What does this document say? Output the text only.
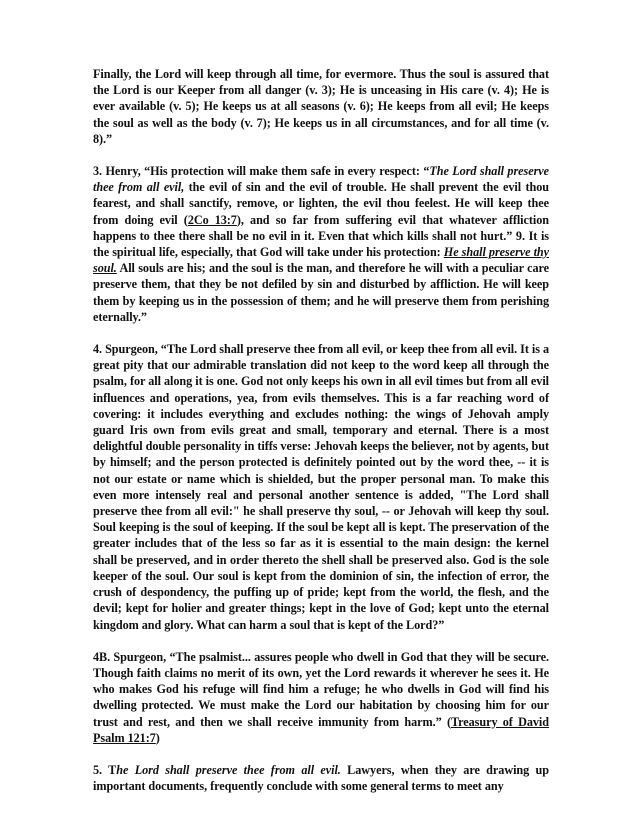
Finally, the Lord will keep through all time, for evermore. Thus the soul is assured that the Lord is our Keeper from all danger (v. 3); He is unceasing in His care (v. 4); He is ever available (v. 5); He keeps us at all seasons (v. 6); He keeps from all evil; He keeps the soul as well as the body (v. 7); He keeps us in all circumstances, and for all time (v. 8).”

3. Henry, “His protection will make them safe in every respect: “The Lord shall preserve thee from all evil, the evil of sin and the evil of trouble. He shall prevent the evil thou fearest, and shall sanctify, remove, or lighten, the evil thou feelest. He will keep thee from doing evil (2Co_13:7), and so far from suffering evil that whatever affliction happens to thee there shall be no evil in it. Even that which kills shall not hurt.” 9. It is the spiritual life, especially, that God will take under his protection: He shall preserve thy soul. All souls are his; and the soul is the man, and therefore he will with a peculiar care preserve them, that they be not defiled by sin and disturbed by affliction. He will keep them by keeping us in the possession of them; and he will preserve them from perishing eternally.”

4. Spurgeon, “The Lord shall preserve thee from all evil, or keep thee from all evil. It is a great pity that our admirable translation did not keep to the word keep all through the psalm, for all along it is one. God not only keeps his own in all evil times but from all evil influences and operations, yea, from evils themselves. This is a far reaching word of covering: it includes everything and excludes nothing: the wings of Jehovah amply guard Iris own from evils great and small, temporary and eternal. There is a most delightful double personality in tiffs verse: Jehovah keeps the believer, not by agents, but by himself; and the person protected is definitely pointed out by the word thee, -- it is not our estate or name which is shielded, but the proper personal man. To make this even more intensely real and personal another sentence is added, "The Lord shall preserve thee from all evil:" he shall preserve thy soul, -- or Jehovah will keep thy soul. Soul keeping is the soul of keeping. If the soul be kept all is kept. The preservation of the greater includes that of the less so far as it is essential to the main design: the kernel shall be preserved, and in order thereto the shell shall be preserved also. God is the sole keeper of the soul. Our soul is kept from the dominion of sin, the infection of error, the crush of despondency, the puffing up of pride; kept from the world, the flesh, and the devil; kept for holier and greater things; kept in the love of God; kept unto the eternal kingdom and glory. What can harm a soul that is kept of the Lord?”

4B. Spurgeon, “The psalmist... assures people who dwell in God that they will be secure. Though faith claims no merit of its own, yet the Lord rewards it wherever he sees it. He who makes God his refuge will find him a refuge; he who dwells in God will find his dwelling protected. We must make the Lord our habitation by choosing him for our trust and rest, and then we shall receive immunity from harm.” (Treasury of David Psalm 121:7)

5. The Lord shall preserve thee from all evil. Lawyers, when they are drawing up important documents, frequently conclude with some general terms to meet any
